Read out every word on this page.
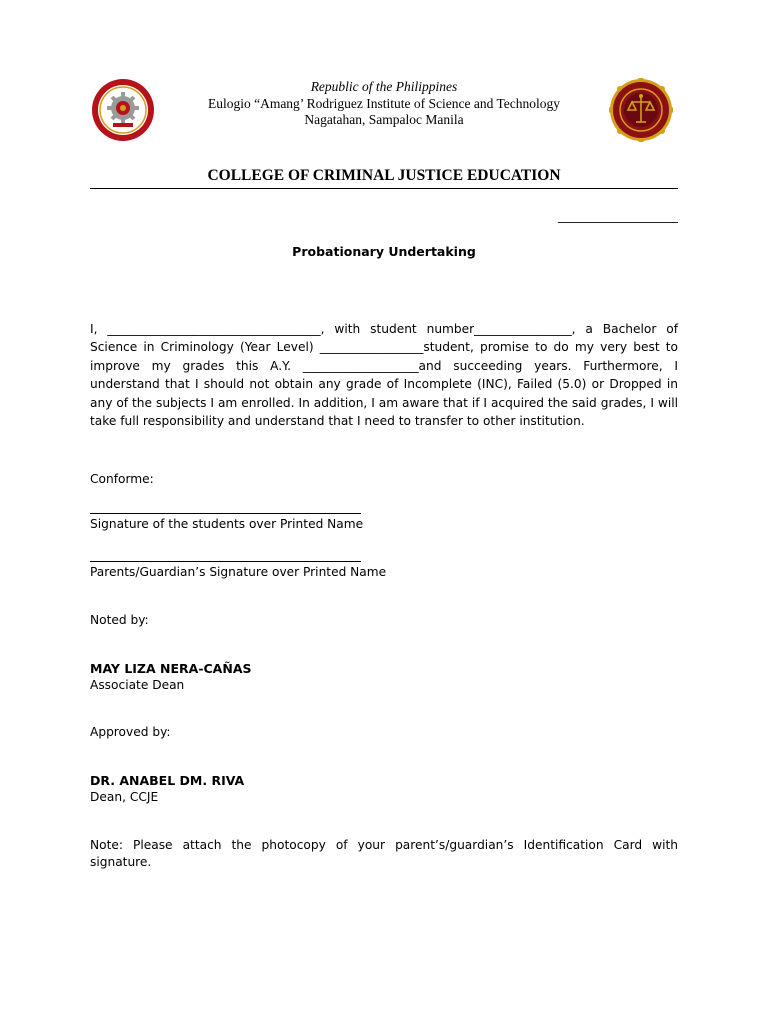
Republic of the Philippines
Eulogio “Amang’ Rodriguez Institute of Science and Technology
Nagatahan, Sampaloc Manila
COLLEGE OF CRIMINAL JUSTICE EDUCATION
____________________
Probationary Undertaking
I, ___________________________________, with student number________________, a Bachelor of Science in Criminology (Year Level) _________________student, promise to do my very best to improve my grades this A.Y. ___________________and succeeding years. Furthermore, I understand that I should not obtain any grade of Incomplete (INC), Failed (5.0) or Dropped in any of the subjects I am enrolled. In addition, I am aware that if I acquired the said grades, I will take full responsibility and understand that I need to transfer to other institution.
Conforme:
Signature of the students over Printed Name
Parents/Guardian’s Signature over Printed Name
Noted by:
MAY LIZA NERA-CAÑAS
Associate Dean
Approved by:
DR. ANABEL DM. RIVA
Dean, CCJE
Note: Please attach the photocopy of your parent’s/guardian’s Identification Card with signature.
